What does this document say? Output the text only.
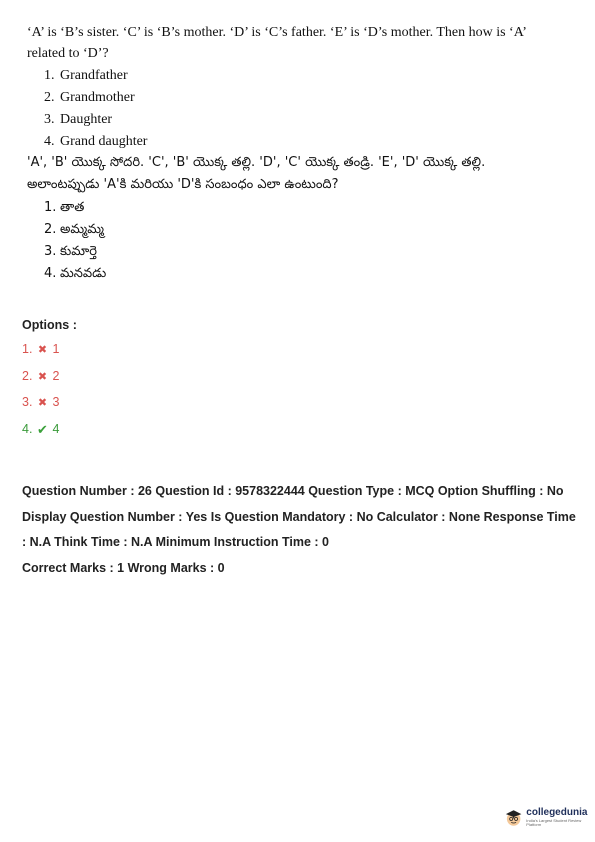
‘A’ is ‘B’s sister. ‘C’ is ‘B’s mother. ‘D’ is ‘C’s father. ‘E’ is ‘D’s mother. Then how is ‘A’ related to ‘D’?

1. Grandfather
2. Grandmother
3. Daughter
4. Grand daughter

'A', 'B' యొక్క సోదరి. 'C', 'B' యొక్క తల్లి. 'D', 'C' యొక్క తండ్రి. 'E', 'D' యొక్క తల్లి. అలాంటప్పుడు 'A'కి మరియు 'D'కి సంబంధం ఎలా ఉంటుంది?

1. తాత
2. అమ్మమ్మ
3. కుమార్తె
4. మనవడు
Options :
1. ✖ 1
2. ✖ 2
3. ✖ 3
4. ✔ 4

Question Number : 26 Question Id : 9578322444 Question Type : MCQ Option Shuffling : No Display Question Number : Yes Is Question Mandatory : No Calculator : None Response Time : N.A Think Time : N.A Minimum Instruction Time : 0

Correct Marks : 1 Wrong Marks : 0

collegedunia
India's Largest Student Review Platform
